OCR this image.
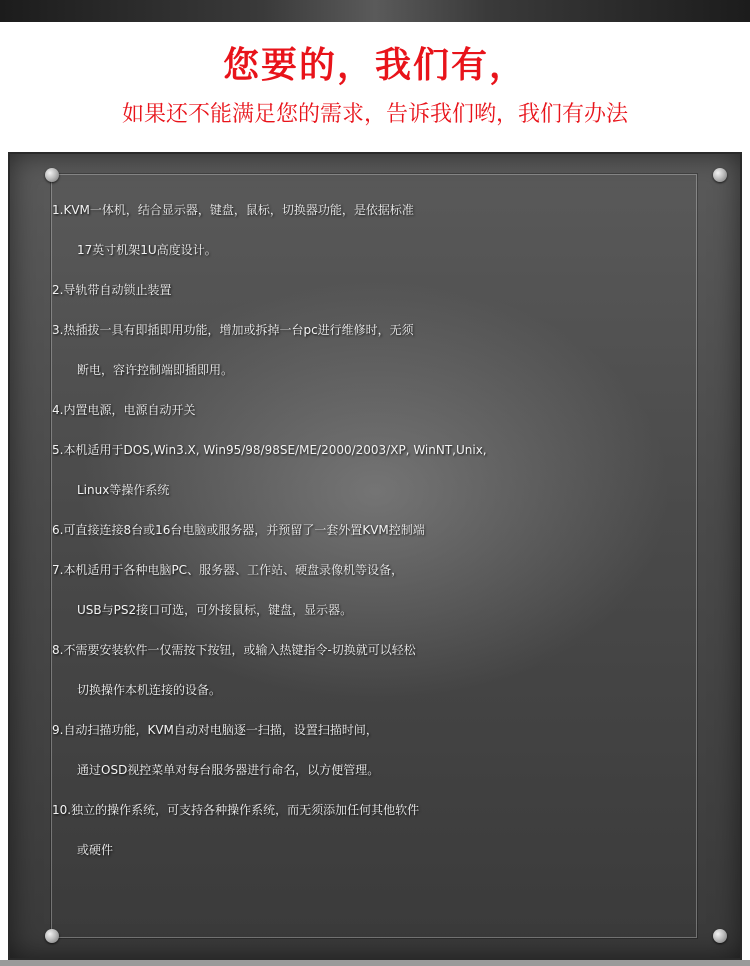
您要的，我们有，

如果还不能满足您的需求，告诉我们哟，我们有办法

1.KVM一体机，结合显示器，键盘，鼠标，切换器功能，是依据标准
17英寸机架1U高度设计。
2.导轨带自动锁止装置
3.热插拔一具有即插即用功能，增加或拆掉一台pc进行维修时，无须
断电，容许控制端即插即用。
4.内置电源，电源自动开关
5.本机适用于DOS,Win3.X, Win95/98/98SE/ME/2000/2003/XP, WinNT,Unix,
Linux等操作系统
6.可直接连接8台或16台电脑或服务器，并预留了一套外置KVM控制端
7.本机适用于各种电脑PC、服务器、工作站、硬盘录像机等设备，
USB与PS2接口可选，可外接鼠标，键盘，显示器。
8.不需要安装软件一仅需按下按钮，或输入热键指令-切换就可以轻松
切换操作本机连接的设备。
9.自动扫描功能，KVM自动对电脑逐一扫描，设置扫描时间，
通过OSD视控菜单对每台服务器进行命名，以方便管理。
10.独立的操作系统，可支持各种操作系统，而无须添加任何其他软件
或硬件
